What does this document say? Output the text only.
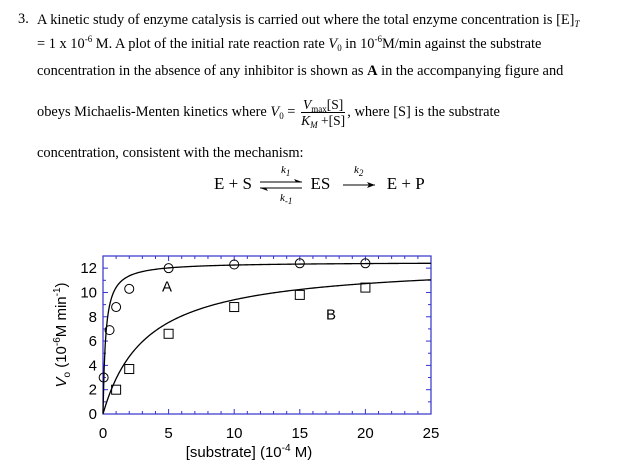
3. A kinetic study of enzyme catalysis is carried out where the total enzyme concentration is $[E]_T$
= 1 x $10^{-6}$ M. A plot of the initial rate reaction rate $V_0$ in $10^{-6}M/\min$ against the substrate
concentration in the absence of any inhibitor is shown as A in the accompanying figure and
obeys Michaelis-Menten kinetics where $V_0 = \frac{V_{max}[S]}{K_M +[S]}$ , where [S] is the substrate
concentration, consistent with the mechanism:
E + S ⇌
$k_1$
$k_{-1}$
ES
$k_2$
E + P
0	5	10	15	20	25
0
2
4
6
8
10
12
[substrate] ($10^{-4}$ M)
$V_o$ ($10^{-6}M$ $\min^{-1}$)	A
B
